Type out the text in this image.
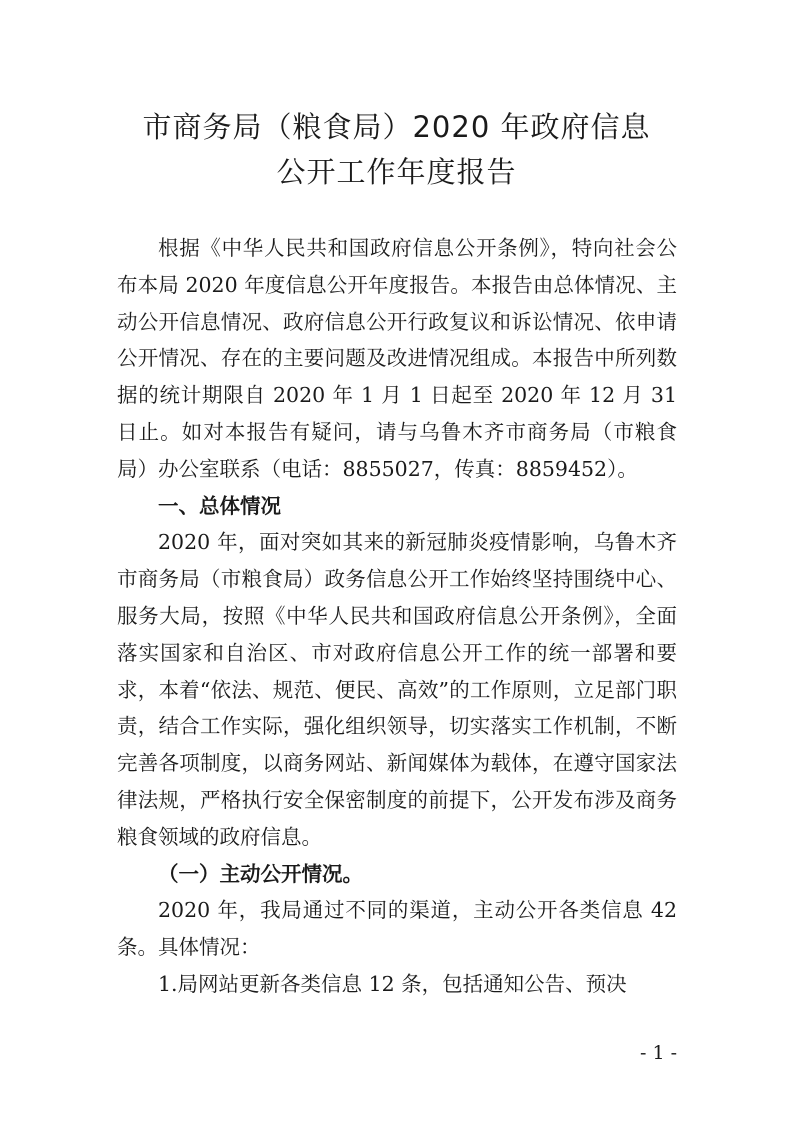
市商务局（粮食局）2020 年政府信息
公开工作年度报告

根据《中华人民共和国政府信息公开条例》，特向社会公布本局 2020 年度信息公开年度报告。本报告由总体情况、主动公开信息情况、政府信息公开行政复议和诉讼情况、依申请公开情况、存在的主要问题及改进情况组成。本报告中所列数据的统计期限自 2020 年 1 月 1 日起至 2020 年 12 月 31 日止。如对本报告有疑问，请与乌鲁木齐市商务局（市粮食局）办公室联系（电话：8855027，传真：8859452）。

一、总体情况

2020 年，面对突如其来的新冠肺炎疫情影响，乌鲁木齐市商务局（市粮食局）政务信息公开工作始终坚持围绕中心、服务大局，按照《中华人民共和国政府信息公开条例》，全面落实国家和自治区、市对政府信息公开工作的统一部署和要求，本着“依法、规范、便民、高效”的工作原则，立足部门职责，结合工作实际，强化组织领导，切实落实工作机制，不断完善各项制度，以商务网站、新闻媒体为载体，在遵守国家法律法规，严格执行安全保密制度的前提下，公开发布涉及商务粮食领域的政府信息。

（一）主动公开情况。

2020 年，我局通过不同的渠道，主动公开各类信息 42 条。具体情况：

1.局网站更新各类信息 12 条，包括通知公告、预决

- 1 -
